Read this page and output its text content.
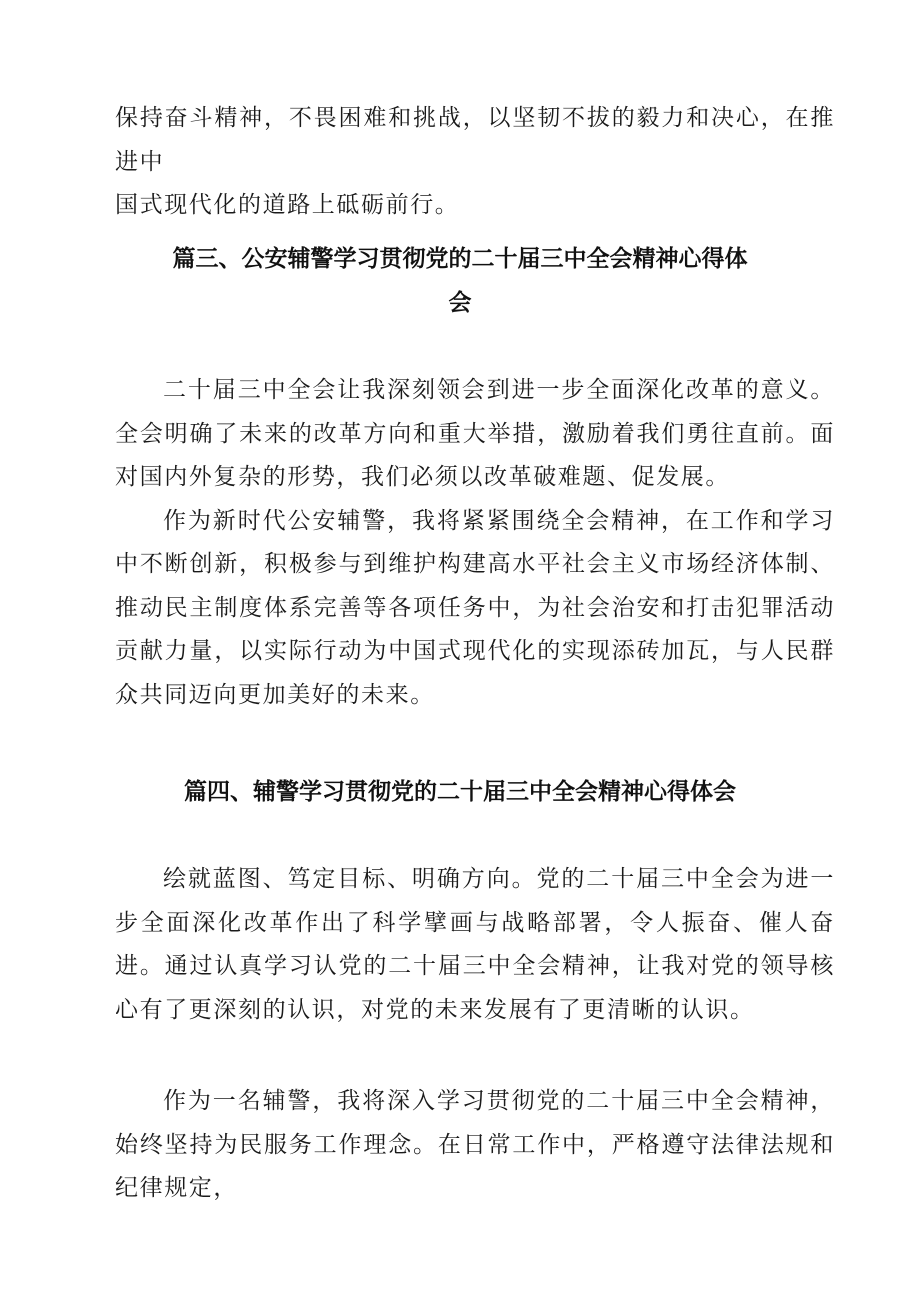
保持奋斗精神，不畏困难和挑战，以坚韧不拔的毅力和决心，在推进中
国式现代化的道路上砥砺前行。

篇三、公安辅警学习贯彻党的二十届三中全会精神心得体
会

二十届三中全会让我深刻领会到进一步全面深化改革的意义。全会明确了未来的改革方向和重大举措，激励着我们勇往直前。面对国内外复杂的形势，我们必须以改革破难题、促发展。

作为新时代公安辅警，我将紧紧围绕全会精神，在工作和学习中不断创新，积极参与到维护构建高水平社会主义市场经济体制、推动民主制度体系完善等各项任务中，为社会治安和打击犯罪活动贡献力量，以实际行动为中国式现代化的实现添砖加瓦，与人民群众共同迈向更加美好的未来。

篇四、辅警学习贯彻党的二十届三中全会精神心得体会

绘就蓝图、笃定目标、明确方向。党的二十届三中全会为进一步全面深化改革作出了科学擘画与战略部署，令人振奋、催人奋进。通过认真学习认党的二十届三中全会精神，让我对党的领导核心有了更深刻的认识，对党的未来发展有了更清晰的认识。

作为一名辅警，我将深入学习贯彻党的二十届三中全会精神，始终坚持为民服务工作理念。在日常工作中，严格遵守法律法规和纪律规定，
